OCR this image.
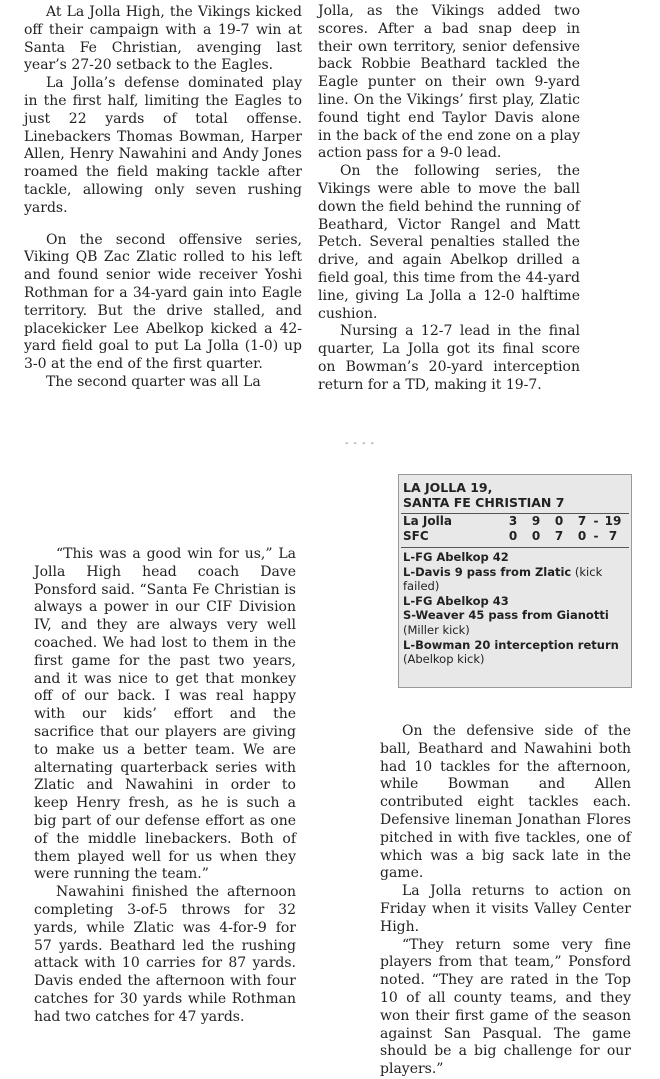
At La Jolla High, the Vikings kicked off their campaign with a 19-7 win at Santa Fe Christian, avenging last year’s 27-20 setback to the Eagles.

La Jolla’s defense dominated play in the first half, limiting the Eagles to just 22 yards of total offense. Linebackers Thomas Bowman, Harper Allen, Henry Nawahini and Andy Jones roamed the field making tackle after tackle, allowing only seven rushing yards.

On the second offensive series, Viking QB Zac Zlatic rolled to his left and found senior wide receiver Yoshi Rothman for a 34-yard gain into Eagle territory. But the drive stalled, and placekicker Lee Abelkop kicked a 42-yard field goal to put La Jolla (1-0) up 3-0 at the end of the first quarter.

The second quarter was all La

Jolla, as the Vikings added two scores. After a bad snap deep in their own territory, senior defensive back Robbie Beathard tackled the Eagle punter on their own 9-yard line. On the Vikings’ first play, Zlatic found tight end Taylor Davis alone in the back of the end zone on a play action pass for a 9-0 lead.

On the following series, the Vikings were able to move the ball down the field behind the running of Beathard, Victor Rangel and Matt Petch. Several penalties stalled the drive, and again Abelkop drilled a field goal, this time from the 44-yard line, giving La Jolla a 12-0 halftime cushion.

Nursing a 12-7 lead in the final quarter, La Jolla got its final score on Bowman’s 20-yard interception return for a TD, making it 19-7.

- - - -
LA JOLLA 19,
SANTA FE CHRISTIAN 7
La Jolla	3 9 0 7 - 19
SFC	0 0 7 0 - 7
L-FG Abelkop 42
L-Davis 9 pass from Zlatic (kick failed)
L-FG Abelkop 43
S-Weaver 45 pass from Gianotti (Miller kick)
L-Bowman 20 interception return (Abelkop kick)

“This was a good win for us,” La Jolla High head coach Dave Ponsford said. “Santa Fe Christian is always a power in our CIF Division IV, and they are always very well coached. We had lost to them in the first game for the past two years, and it was nice to get that monkey off of our back. I was real happy with our kids’ effort and the sacrifice that our players are giving to make us a better team. We are alternating quarterback series with Zlatic and Nawahini in order to keep Henry fresh, as he is such a big part of our defense effort as one of the middle linebackers. Both of them played well for us when they were running the team.”

Nawahini finished the afternoon completing 3-of-5 throws for 32 yards, while Zlatic was 4-for-9 for 57 yards. Beathard led the rushing attack with 10 carries for 87 yards. Davis ended the afternoon with four catches for 30 yards while Rothman had two catches for 47 yards.

On the defensive side of the ball, Beathard and Nawahini both had 10 tackles for the afternoon, while Bowman and Allen contributed eight tackles each. Defensive lineman Jonathan Flores pitched in with five tackles, one of which was a big sack late in the game.

La Jolla returns to action on Friday when it visits Valley Center High.

“They return some very fine players from that team,” Ponsford noted. “They are rated in the Top 10 of all county teams, and they won their first game of the season against San Pasqual. The game should be a big challenge for our players.”
